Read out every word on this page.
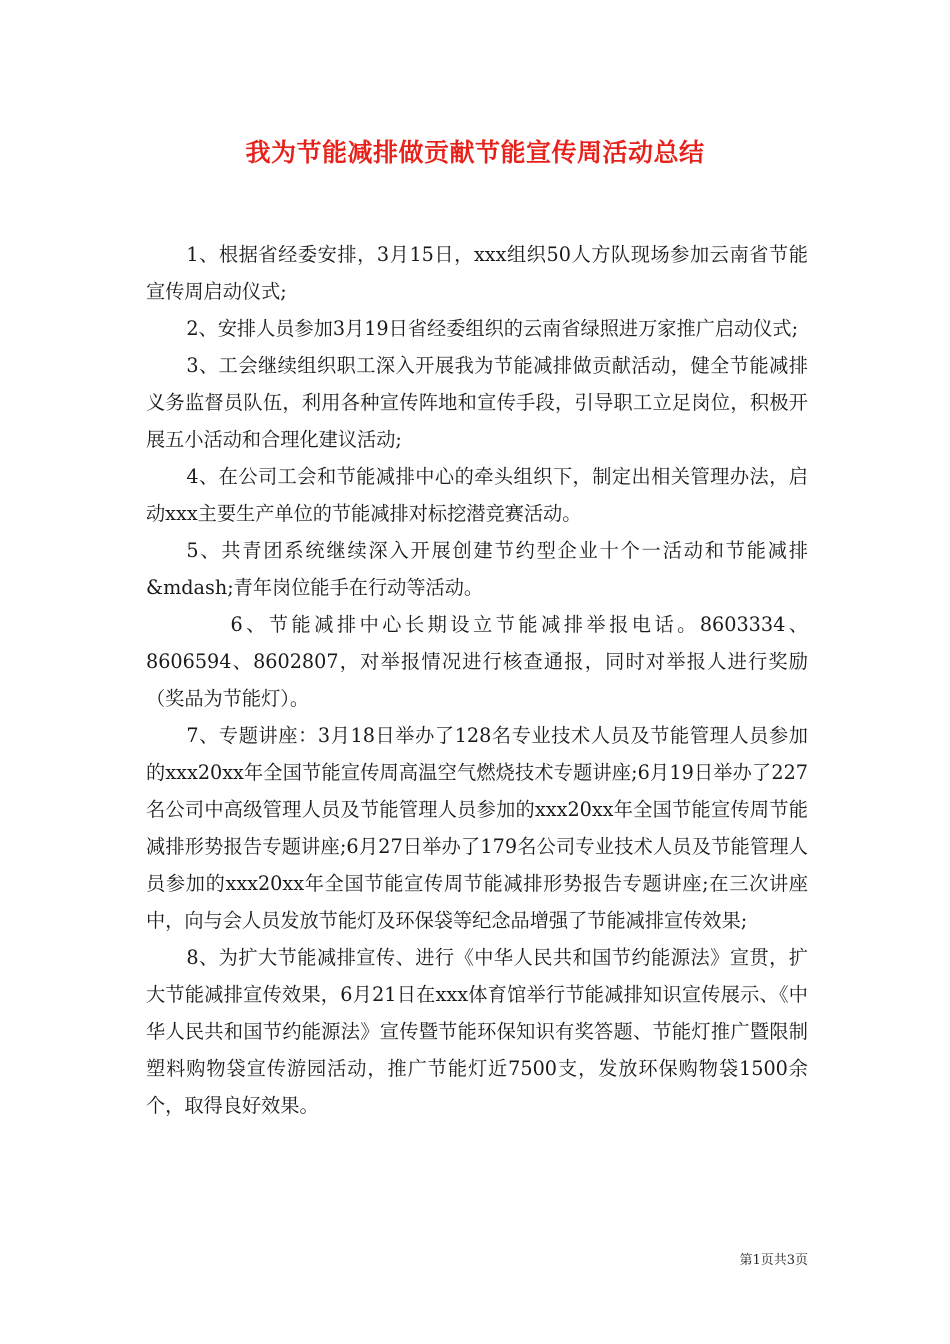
我为节能减排做贡献节能宣传周活动总结

1、根据省经委安排，3月15日，xxx组织50人方队现场参加云南省节能宣传周启动仪式;

2、安排人员参加3月19日省经委组织的云南省绿照进万家推广启动仪式;

3、工会继续组织职工深入开展我为节能减排做贡献活动，健全节能减排义务监督员队伍，利用各种宣传阵地和宣传手段，引导职工立足岗位，积极开展五小活动和合理化建议活动;

4、在公司工会和节能减排中心的牵头组织下，制定出相关管理办法，启动xxx主要生产单位的节能减排对标挖潜竞赛活动。

5、共青团系统继续深入开展创建节约型企业十个一活动和节能减排&mdash;青年岗位能手在行动等活动。

6、节能减排中心长期设立节能减排举报电话。8603334、8606594、8602807，对举报情况进行核查通报，同时对举报人进行奖励（奖品为节能灯）。

7、专题讲座：3月18日举办了128名专业技术人员及节能管理人员参加的xxx20xx年全国节能宣传周高温空气燃烧技术专题讲座;6月19日举办了227名公司中高级管理人员及节能管理人员参加的xxx20xx年全国节能宣传周节能减排形势报告专题讲座;6月27日举办了179名公司专业技术人员及节能管理人员参加的xxx20xx年全国节能宣传周节能减排形势报告专题讲座;在三次讲座中，向与会人员发放节能灯及环保袋等纪念品增强了节能减排宣传效果;

8、为扩大节能减排宣传、进行《中华人民共和国节约能源法》宣贯，扩大节能减排宣传效果，6月21日在xxx体育馆举行节能减排知识宣传展示、《中华人民共和国节约能源法》宣传暨节能环保知识有奖答题、节能灯推广暨限制塑料购物袋宣传游园活动，推广节能灯近7500支，发放环保购物袋1500余个，取得良好效果。

第1页共3页
